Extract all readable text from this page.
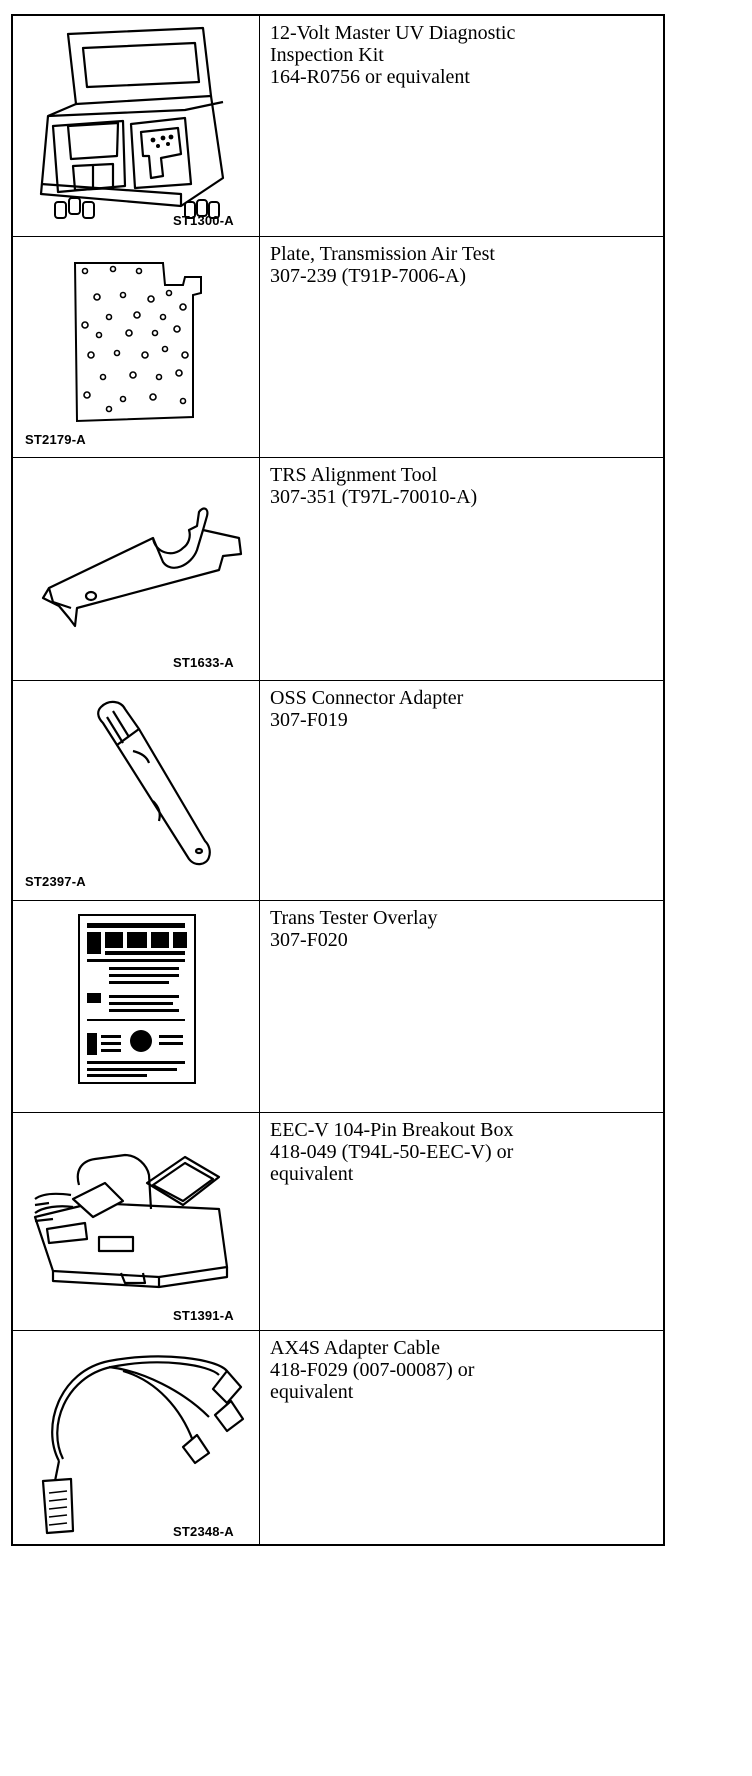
ST1300-A	12-Volt Master UV Diagnostic
Inspection Kit
164-R0756 or equivalent

ST2179-A	Plate, Transmission Air Test
307-239 (T91P-7006-A)

ST1633-A	TRS Alignment Tool
307-351 (T97L-70010-A)

ST2397-A	OSS Connector Adapter
307-F019

Trans Tester Overlay
307-F020

ST1391-A	EEC-V 104-Pin Breakout Box
418-049 (T94L-50-EEC-V) or
equivalent

ST2348-A	AX4S Adapter Cable
418-F029 (007-00087) or
equivalent
